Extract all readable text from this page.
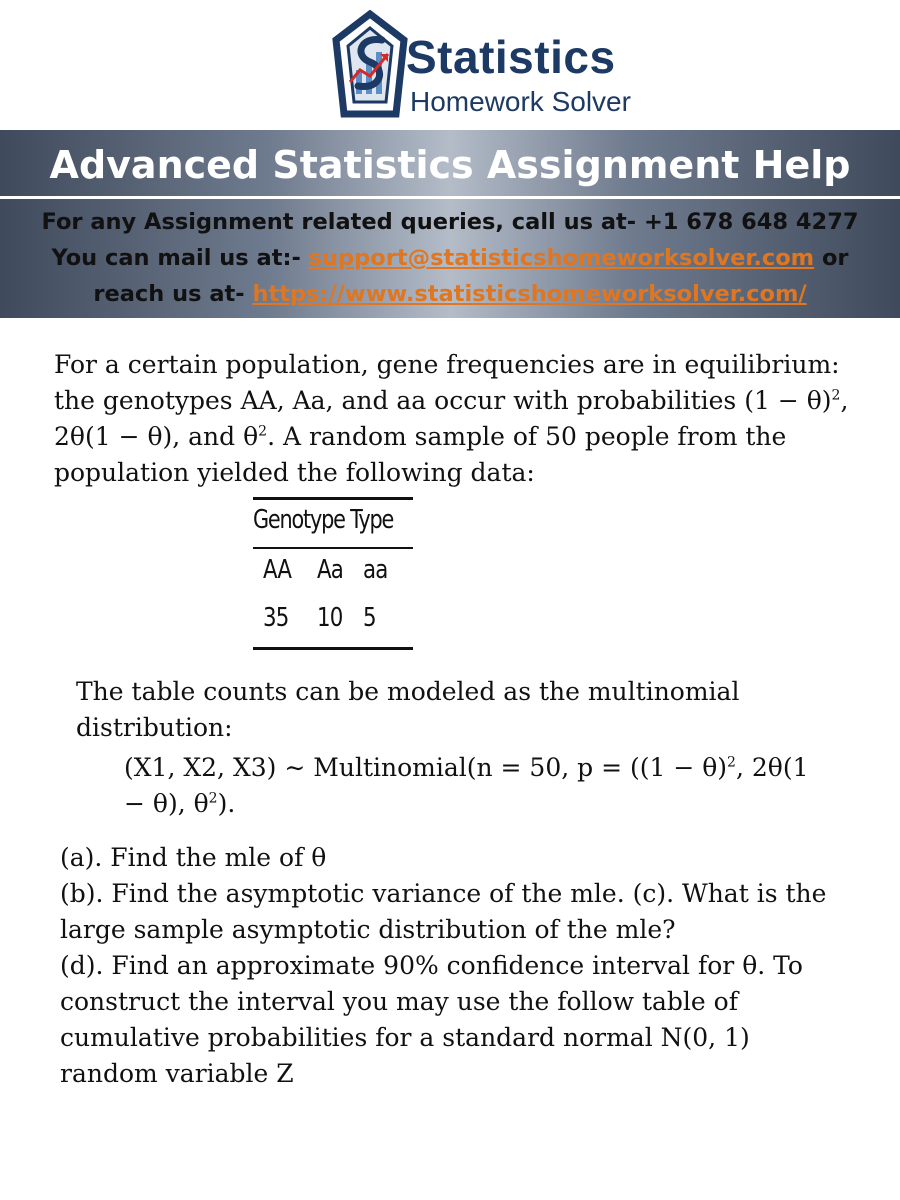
Statistics
Homework Solver
Advanced Statistics Assignment Help
For any Assignment related queries, call us at- +1 678 648 4277
You can mail us at:- support@statisticshomeworksolver.com or
reach us at- https://www.statisticshomeworksolver.com/
For a certain population, gene frequencies are in equilibrium: the genotypes AA, Aa, and aa occur with probabilities $(1 - \theta)^2$, 2θ(1 − θ), and $\theta^2$. A random sample of 50 people from the population yielded the following data:
Genotype Type
AA Aa aa
35 10 5
The table counts can be modeled as the multinomial distribution:
(X1, X2, X3) ∼ Multinomial(n = 50, $p = ((1 - \theta)^2$, 2θ(1 − θ), $\theta^2$).
(a). Find the mle of θ
(b). Find the asymptotic variance of the mle. (c). What is the large sample asymptotic distribution of the mle?
(d). Find an approximate 90% confidence interval for θ. To construct the interval you may use the follow table of cumulative probabilities for a standard normal N(0, 1) random variable Z
